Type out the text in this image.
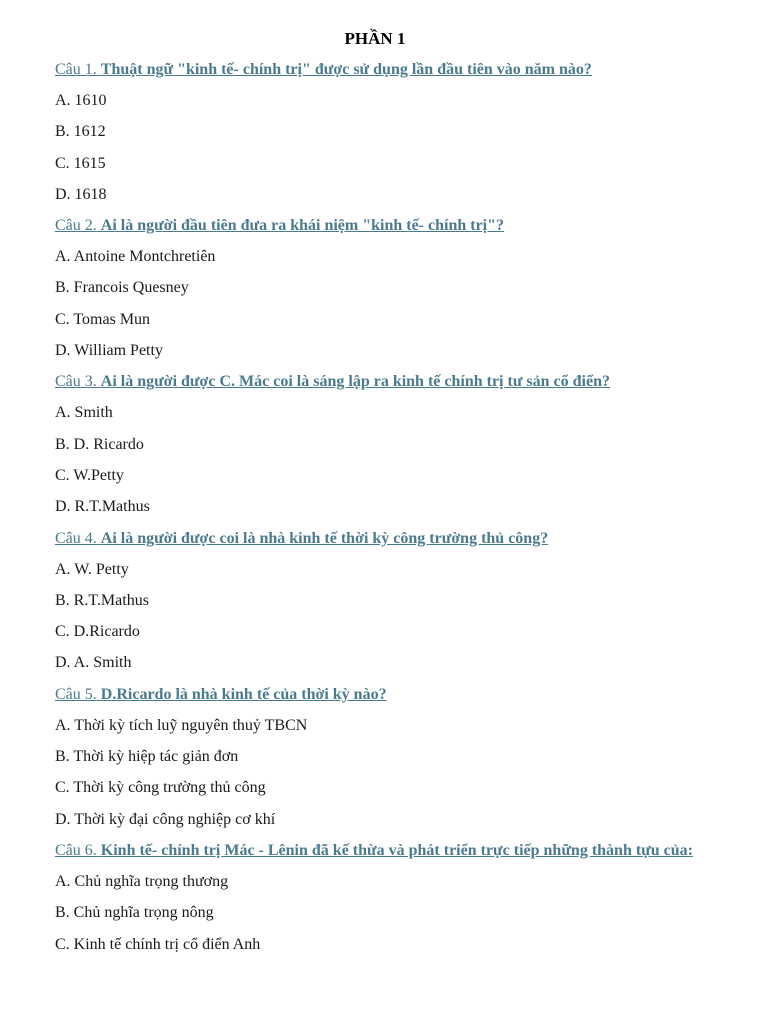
PHẦN 1
Câu 1. Thuật ngữ "kinh tế- chính trị" được sử dụng lần đầu tiên vào năm nào?
A. 1610
B. 1612
C. 1615
D. 1618
Câu 2. Ai là người đầu tiên đưa ra khái niệm "kinh tế- chính trị"?
A. Antoine Montchretiên
B. Francois Quesney
C. Tomas Mun
D. William Petty
Câu 3. Ai là người được C. Mác coi là sáng lập ra kinh tế chính trị tư sản cổ điển?
A. Smith
B. D. Ricardo
C. W.Petty
D. R.T.Mathus
Câu 4. Ai là người được coi là nhà kinh tế thời kỳ công trường thủ công?
A. W. Petty
B. R.T.Mathus
C. D.Ricardo
D. A. Smith
Câu 5. D.Ricardo là nhà kinh tế của thời kỳ nào?
A. Thời kỳ tích luỹ nguyên thuỷ TBCN
B. Thời kỳ hiệp tác giản đơn
C. Thời kỳ công trường thủ công
D. Thời kỳ đại công nghiệp cơ khí
Câu 6. Kinh tế- chính trị Mác - Lênin đã kế thừa và phát triển trực tiếp những thành tựu của:
A. Chủ nghĩa trọng thương
B. Chủ nghĩa trọng nông
C. Kinh tế chính trị cổ điển Anh
